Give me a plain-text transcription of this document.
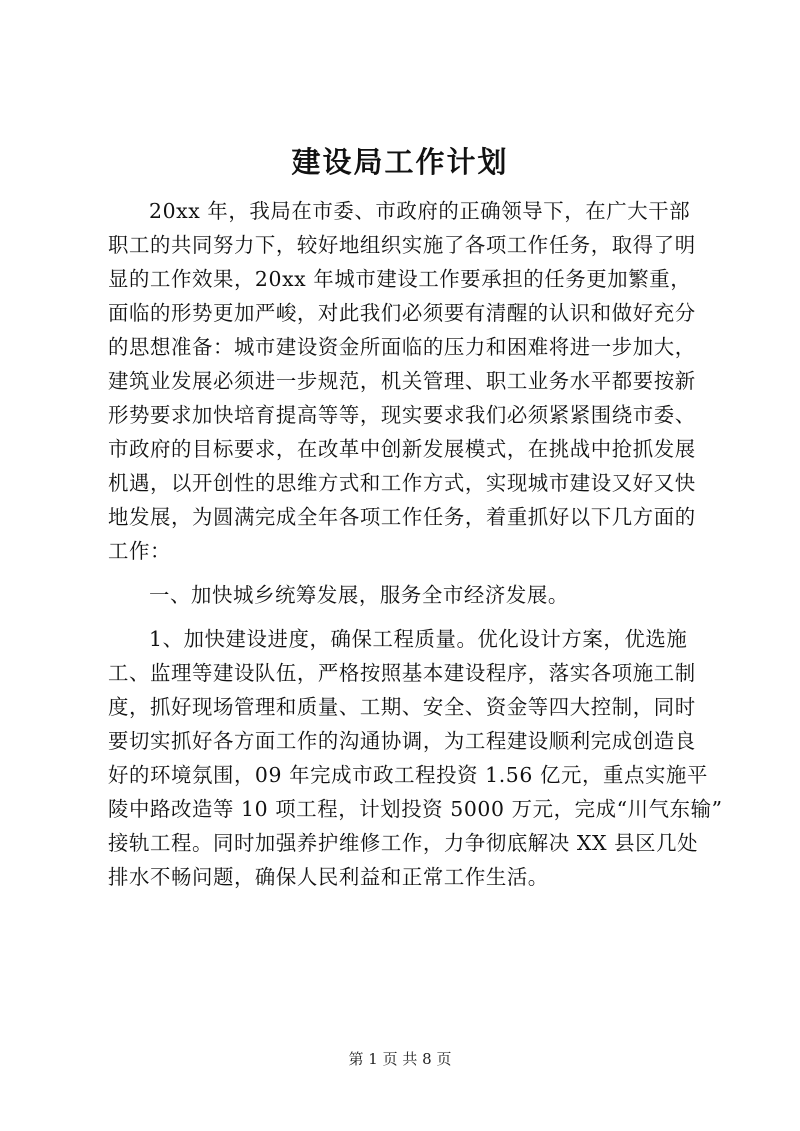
建设局工作计划
20xx 年，我局在市委、市政府的正确领导下，在广大干部
职工的共同努力下，较好地组织实施了各项工作任务，取得了明
显的工作效果，20xx 年城市建设工作要承担的任务更加繁重，
面临的形势更加严峻，对此我们必须要有清醒的认识和做好充分
的思想准备：城市建设资金所面临的压力和困难将进一步加大，
建筑业发展必须进一步规范，机关管理、职工业务水平都要按新
形势要求加快培育提高等等，现实要求我们必须紧紧围绕市委、
市政府的目标要求，在改革中创新发展模式，在挑战中抢抓发展
机遇，以开创性的思维方式和工作方式，实现城市建设又好又快
地发展，为圆满完成全年各项工作任务，着重抓好以下几方面的
工作：
一、加快城乡统筹发展，服务全市经济发展。
1、加快建设进度，确保工程质量。优化设计方案，优选施
工、监理等建设队伍，严格按照基本建设程序，落实各项施工制
度，抓好现场管理和质量、工期、安全、资金等四大控制，同时
要切实抓好各方面工作的沟通协调，为工程建设顺利完成创造良
好的环境氛围，09 年完成市政工程投资 1.56 亿元，重点实施平
陵中路改造等 10 项工程，计划投资 5000 万元，完成“川气东输”
接轨工程。同时加强养护维修工作，力争彻底解决 XX 县区几处
排水不畅问题，确保人民利益和正常工作生活。
第 1 页 共 8 页
